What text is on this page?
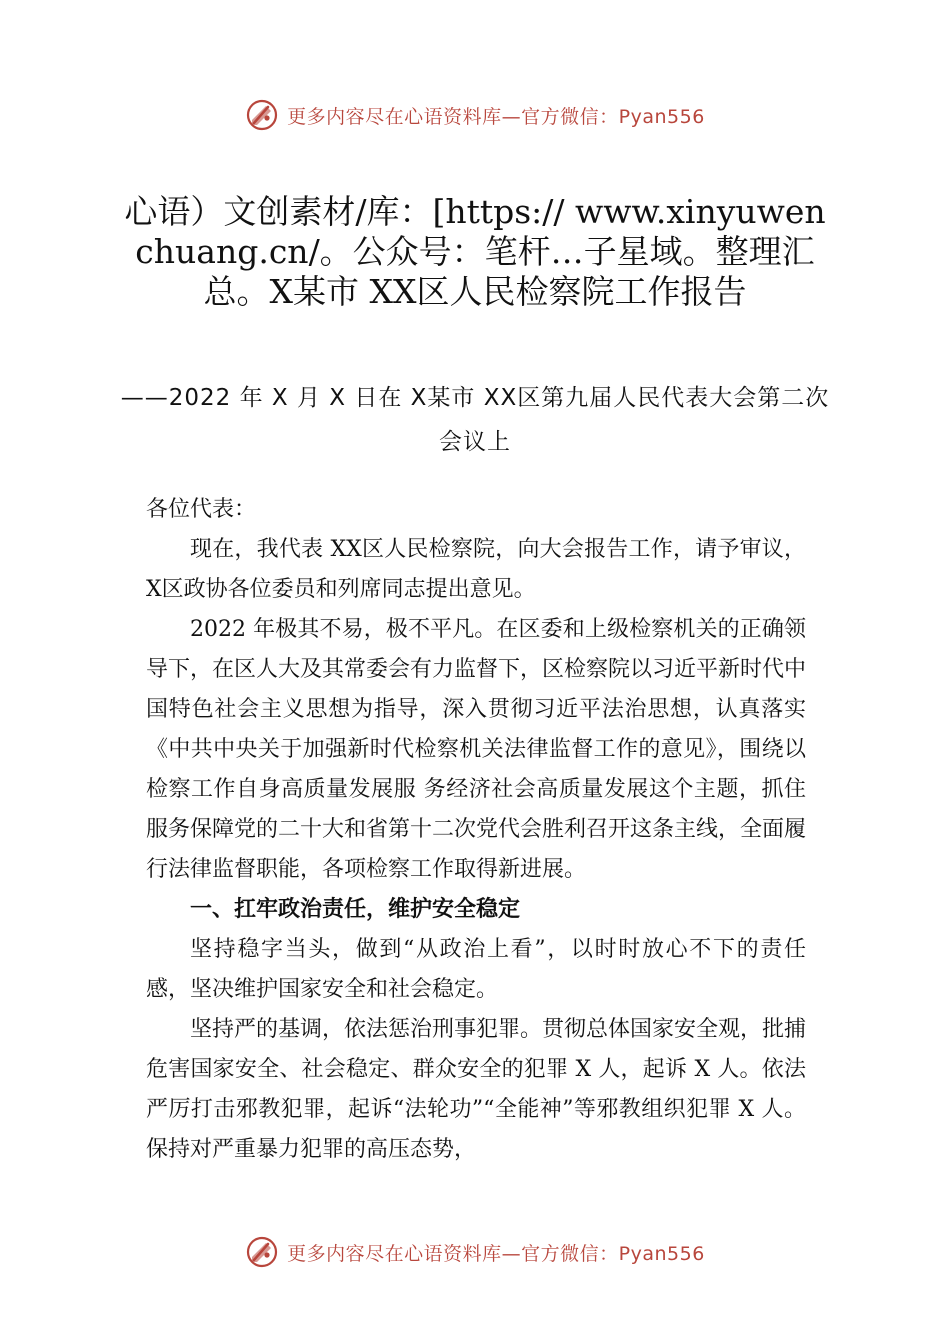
更多内容尽在心语资料库—官方微信：Pyan556
心语）文创素材/库：[https:// www.xinyuwenchuang.cn/。公众号：笔杆…子星域。整理汇总。X某市 XX区人民检察院工作报告

——2022 年 X 月 X 日在 X某市 XX区第九届人民代表大会第二次会议上

各位代表：

现在，我代表 XX区人民检察院，向大会报告工作，请予审议，X区政协各位委员和列席同志提出意见。

2022 年极其不易，极不平凡。在区委和上级检察机关的正确领导下，在区人大及其常委会有力监督下，区检察院以习近平新时代中国特色社会主义思想为指导，深入贯彻习近平法治思想，认真落实《中共中央关于加强新时代检察机关法律监督工作的意见》，围绕以检察工作自身高质量发展服 务经济社会高质量发展这个主题，抓住服务保障党的二十大和省第十二次党代会胜利召开这条主线，全面履行法律监督职能，各项检察工作取得新进展。

一、扛牢政治责任，维护安全稳定

坚持稳字当头，做到“从政治上看”，以时时放心不下的责任感，坚决维护国家安全和社会稳定。

坚持严的基调，依法惩治刑事犯罪。贯彻总体国家安全观，批捕危害国家安全、社会稳定、群众安全的犯罪 X 人，起诉 X 人。依法严厉打击邪教犯罪，起诉“法轮功”“全能神”等邪教组织犯罪 X 人。保持对严重暴力犯罪的高压态势，

更多内容尽在心语资料库—官方微信：Pyan556
